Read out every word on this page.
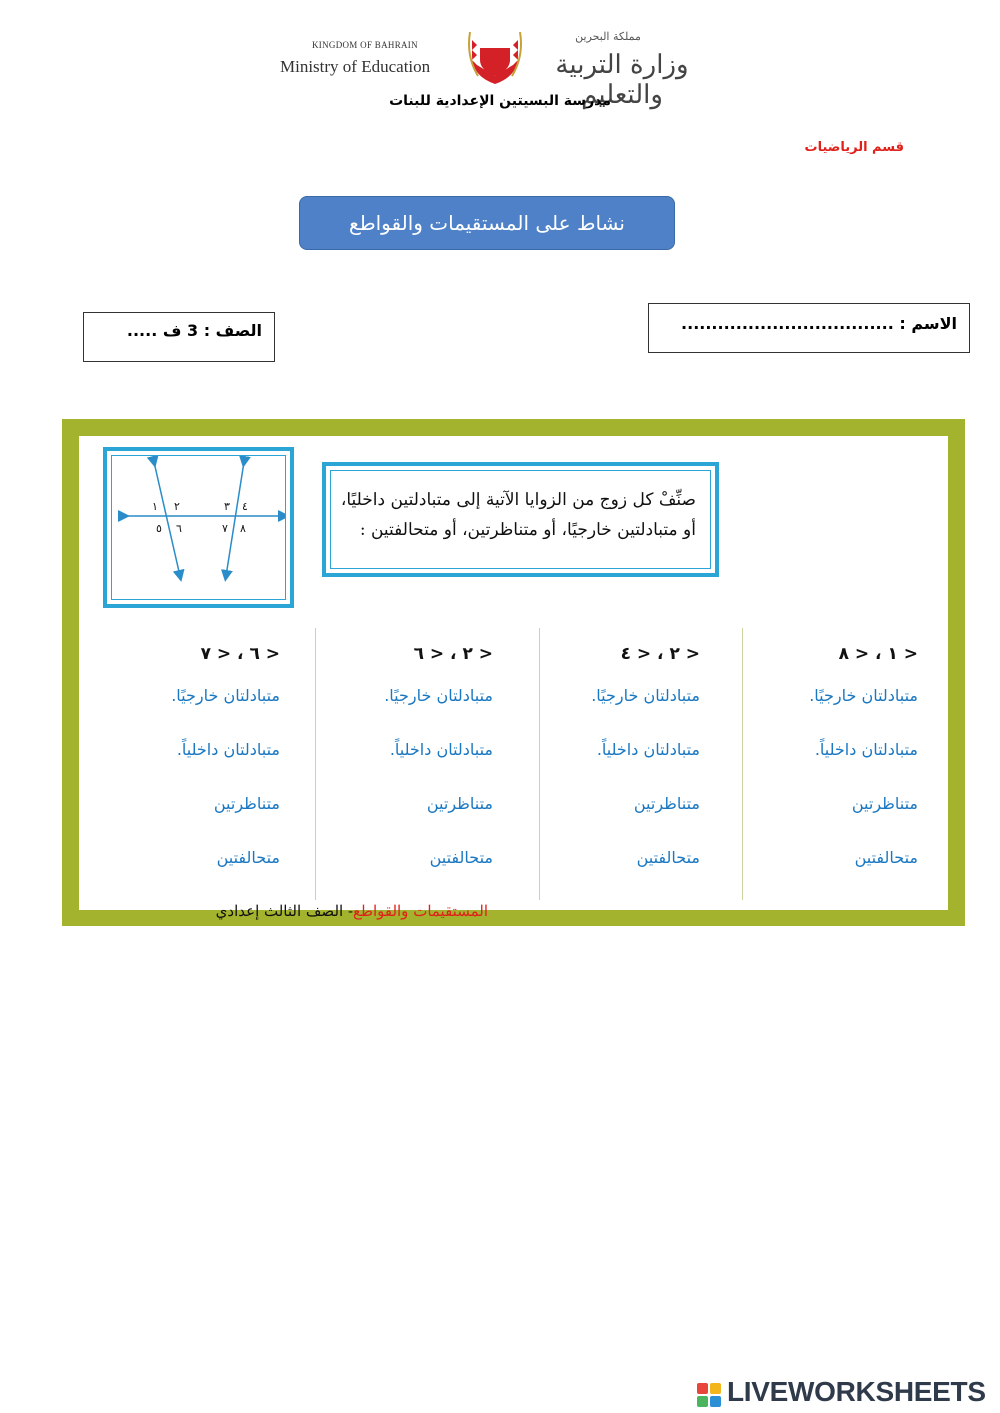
KINGDOM OF BAHRAIN
Ministry of Education
مملكة البحرين
وزارة التربية والتعليم
مدرسة البسيتين الإعدادية للبنات
قسم الرياضيات
نشاط على المستقيمات والقواطع
الاسم : ...................................
الصف : 3 ف .....
١ ٢	٣ ٤
٥ ٦	٧ ٨
صنِّفْ كل زوج من الزوايا الآتية إلى متبادلتين داخليًا،
أو متبادلتين خارجيًا، أو متناظرتين، أو متحالفتين :
< ١ ، < ٨
متبادلتان خارجيًا.
متبادلتان داخلياً.
متناظرتين
متحالفتين
< ٢ ، < ٤
متبادلتان خارجيًا.
متبادلتان داخلياً.
متناظرتين
متحالفتين
< ٢ ، < ٦
متبادلتان خارجيًا.
متبادلتان داخلياً.
متناظرتين
متحالفتين
< ٦ ، < ٧
متبادلتان خارجيًا.
متبادلتان داخلياً.
متناظرتين
متحالفتين
المستقيمات والقواطع- الصف الثالث إعدادي
LIVEWORKSHEETS
